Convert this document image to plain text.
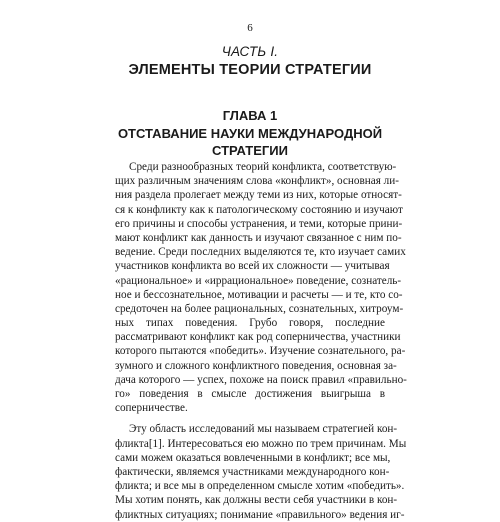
6
ЧАСТЬ I.
ЭЛЕМЕНТЫ ТЕОРИИ СТРАТЕГИИ
ГЛАВА 1
ОТСТАВАНИЕ НАУКИ МЕЖДУНАРОДНОЙ
СТРАТЕГИИ
Среди разнообразных теорий конфликта, соответствую-
щих различным значениям слова «конфликт», основная ли-
ния раздела пролегает между теми из них, которые относят-
ся к конфликту как к патологическому состоянию и изучают
его причины и способы устранения, и теми, которые прини-
мают конфликт как данность и изучают связанное с ним по-
ведение. Среди последних выделяются те, кто изучает самих
участников конфликта во всей их сложности — учитывая
«рациональное» и «иррациональное» поведение, сознатель-
ное и бессознательное, мотивации и расчеты — и те, кто со-
средоточен на более рациональных, сознательных, хитроум-
ных типах поведения. Грубо говоря, последние
рассматривают конфликт как род соперничества, участники
которого пытаются «победить». Изучение сознательного, ра-
зумного и сложного конфликтного поведения, основная за-
дача которого — успех, похоже на поиск правил «правильно-
го» поведения в смысле достижения выигрыша в
соперничестве.
Эту область исследований мы называем стратегией кон-
фликта[1]. Интересоваться ею можно по трем причинам. Мы
сами можем оказаться вовлеченными в конфликт; все мы,
фактически, являемся участниками международного кон-
фликта; и все мы в определенном смысле хотим «победить».
Мы хотим понять, как должны вести себя участники в кон-
фликтных ситуациях; понимание «правильного» ведения иг-
